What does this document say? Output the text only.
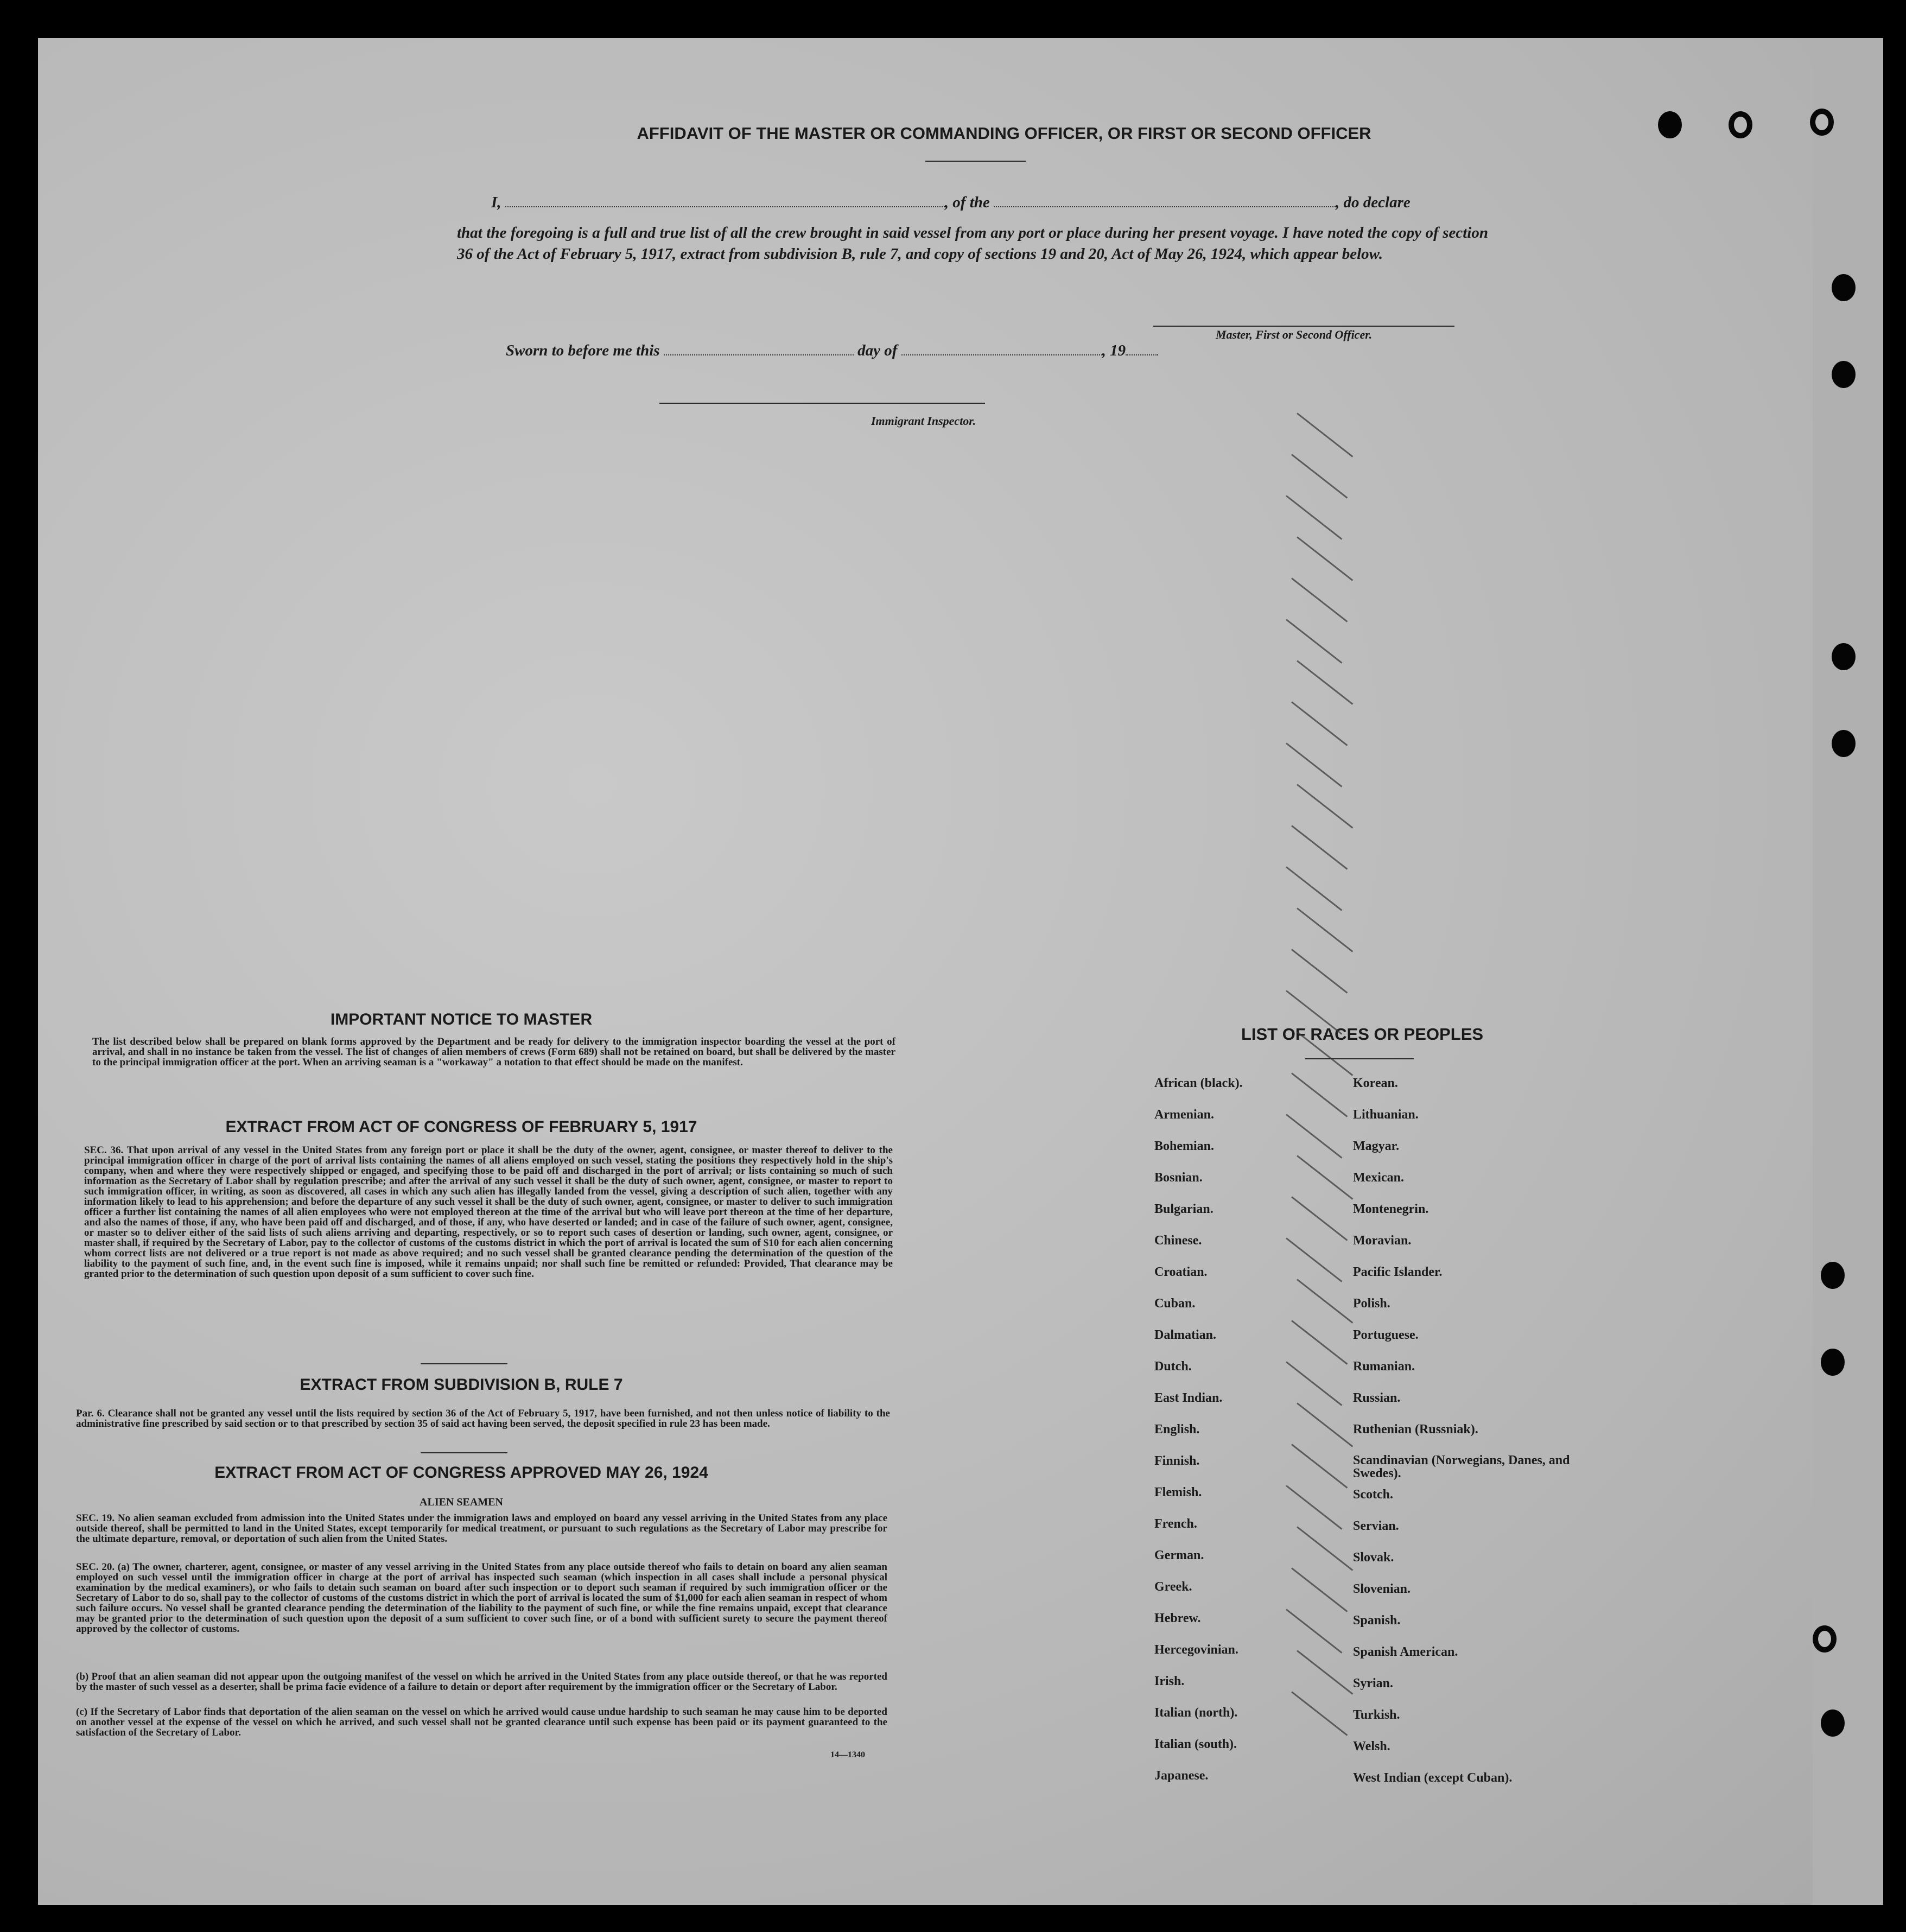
AFFIDAVIT OF THE MASTER OR COMMANDING OFFICER, OR FIRST OR SECOND OFFICER
I,	, of the	, do declare

that the foregoing is a full and true list of all the crew brought in said vessel from any port or place during her present voyage. I have noted the copy of section 36 of the Act of February 5, 1917, extract from subdivision B, rule 7, and copy of sections 19 and 20, Act of May 26, 1924, which appear below.

Master, First or Second Officer.
Sworn to before me this	day of	, 19
Immigrant Inspector.
IMPORTANT NOTICE TO MASTER

The list described below shall be prepared on blank forms approved by the Department and be ready for delivery to the immigration inspector boarding the vessel at the port of arrival, and shall in no instance be taken from the vessel. The list of changes of alien members of crews (Form 689) shall not be retained on board, but shall be delivered by the master to the principal immigration officer at the port. When an arriving seaman is a "workaway" a notation to that effect should be made on the manifest.

EXTRACT FROM ACT OF CONGRESS OF FEBRUARY 5, 1917

SEC. 36. That upon arrival of any vessel in the United States from any foreign port or place it shall be the duty of the owner, agent, consignee, or master thereof to deliver to the principal immigration officer in charge of the port of arrival lists containing the names of all aliens employed on such vessel, stating the positions they respectively hold in the ship's company, when and where they were respectively shipped or engaged, and specifying those to be paid off and discharged in the port of arrival; or lists containing so much of such information as the Secretary of Labor shall by regulation prescribe; and after the arrival of any such vessel it shall be the duty of such owner, agent, consignee, or master to report to such immigration officer, in writing, as soon as discovered, all cases in which any such alien has illegally landed from the vessel, giving a description of such alien, together with any information likely to lead to his apprehension; and before the departure of any such vessel it shall be the duty of such owner, agent, consignee, or master to deliver to such immigration officer a further list containing the names of all alien employees who were not employed thereon at the time of the arrival but who will leave port thereon at the time of her departure, and also the names of those, if any, who have been paid off and discharged, and of those, if any, who have deserted or landed; and in case of the failure of such owner, agent, consignee, or master so to deliver either of the said lists of such aliens arriving and departing, respectively, or so to report such cases of desertion or landing, such owner, agent, consignee, or master shall, if required by the Secretary of Labor, pay to the collector of customs of the customs district in which the port of arrival is located the sum of $10 for each alien concerning whom correct lists are not delivered or a true report is not made as above required; and no such vessel shall be granted clearance pending the determination of the question of the liability to the payment of such fine, and, in the event such fine is imposed, while it remains unpaid; nor shall such fine be remitted or refunded: Provided, That clearance may be granted prior to the determination of such question upon deposit of a sum sufficient to cover such fine.

EXTRACT FROM SUBDIVISION B, RULE 7

Par. 6. Clearance shall not be granted any vessel until the lists required by section 36 of the Act of February 5, 1917, have been furnished, and not then unless notice of liability to the administrative fine prescribed by said section or to that prescribed by section 35 of said act having been served, the deposit specified in rule 23 has been made.

EXTRACT FROM ACT OF CONGRESS APPROVED MAY 26, 1924
ALIEN SEAMEN

SEC. 19. No alien seaman excluded from admission into the United States under the immigration laws and employed on board any vessel arriving in the United States from any place outside thereof, shall be permitted to land in the United States, except temporarily for medical treatment, or pursuant to such regulations as the Secretary of Labor may prescribe for the ultimate departure, removal, or deportation of such alien from the United States.

SEC. 20. (a) The owner, charterer, agent, consignee, or master of any vessel arriving in the United States from any place outside thereof who fails to detain on board any alien seaman employed on such vessel until the immigration officer in charge at the port of arrival has inspected such seaman (which inspection in all cases shall include a personal physical examination by the medical examiners), or who fails to detain such seaman on board after such inspection or to deport such seaman if required by such immigration officer or the Secretary of Labor to do so, shall pay to the collector of customs of the customs district in which the port of arrival is located the sum of $1,000 for each alien seaman in respect of whom such failure occurs. No vessel shall be granted clearance pending the determination of the liability to the payment of such fine, or while the fine remains unpaid, except that clearance may be granted prior to the determination of such question upon the deposit of a sum sufficient to cover such fine, or of a bond with sufficient surety to secure the payment thereof approved by the collector of customs.

(b) Proof that an alien seaman did not appear upon the outgoing manifest of the vessel on which he arrived in the United States from any place outside thereof, or that he was reported by the master of such vessel as a deserter, shall be prima facie evidence of a failure to detain or deport after requirement by the immigration officer or the Secretary of Labor.

(c) If the Secretary of Labor finds that deportation of the alien seaman on the vessel on which he arrived would cause undue hardship to such seaman he may cause him to be deported on another vessel at the expense of the vessel on which he arrived, and such vessel shall not be granted clearance until such expense has been paid or its payment guaranteed to the satisfaction of the Secretary of Labor.

14—1340
LIST OF RACES OR PEOPLES
African (black).
Armenian.
Bohemian.
Bosnian.
Bulgarian.
Chinese.
Croatian.
Cuban.
Dalmatian.
Dutch.
East Indian.
English.
Finnish.
Flemish.
French.
German.
Greek.
Hebrew.
Hercegovinian.
Irish.
Italian (north).
Italian (south).
Japanese.
Korean.
Lithuanian.
Magyar.
Mexican.
Montenegrin.
Moravian.
Pacific Islander.
Polish.
Portuguese.
Rumanian.
Russian.
Ruthenian (Russniak).
Scandinavian (Norwegians, Danes, and Swedes).
Scotch.
Servian.
Slovak.
Slovenian.
Spanish.
Spanish American.
Syrian.
Turkish.
Welsh.
West Indian (except Cuban).
